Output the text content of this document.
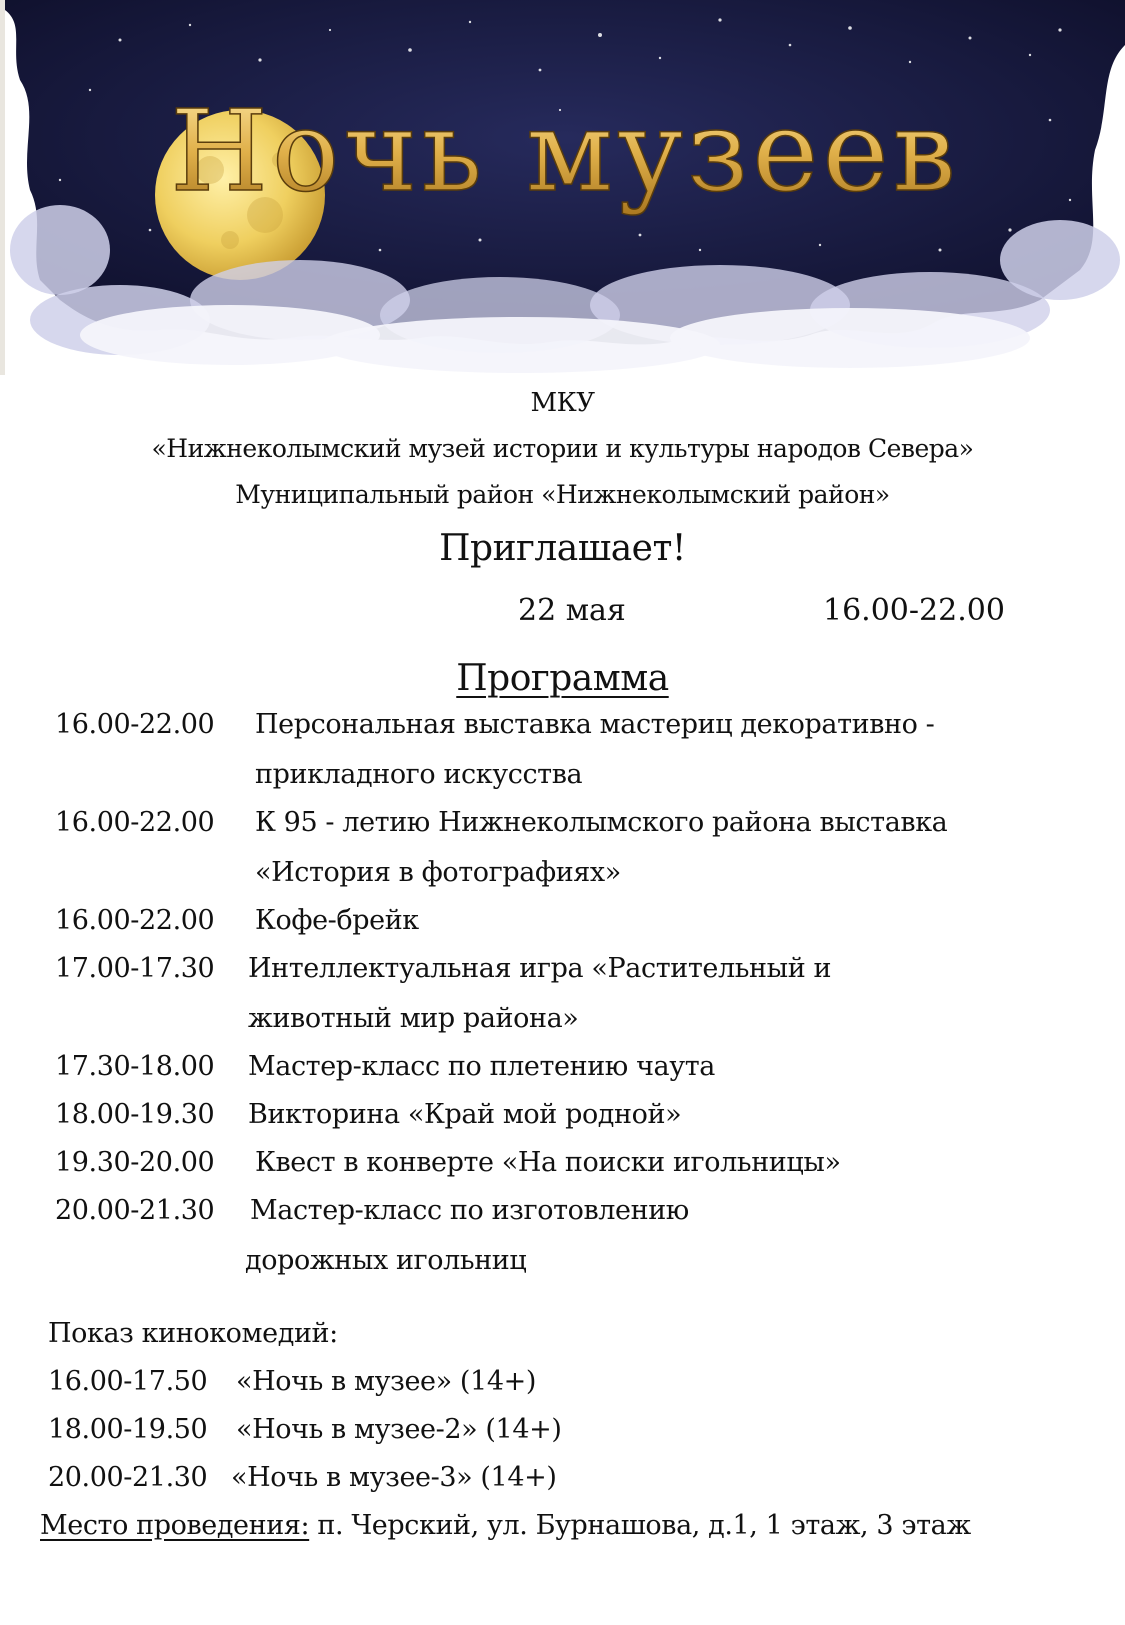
Ночь музеев
МКУ
«Нижнеколымский музей истории и культуры народов Севера»
Муниципальный район «Нижнеколымский район»
Приглашает!
22 мая	16.00-22.00
Программа
16.00-22.00 Персональная выставка мастериц декоративно -
прикладного искусства
16.00-22.00 К 95 - летию Нижнеколымского района выставка
«История в фотографиях»
16.00-22.00 Кофе-брейк
17.00-17.30 Интеллектуальная игра «Растительный и
животный мир района»
17.30-18.00 Мастер-класс по плетению чаута
18.00-19.30 Викторина «Край мой родной»
19.30-20.00 Квест в конверте «На поиски игольницы»
20.00-21.30 Мастер-класс по изготовлению
дорожных игольниц
Показ кинокомедий:
16.00-17.50 «Ночь в музее» (14+)
18.00-19.50 «Ночь в музее-2» (14+)
20.00-21.30 «Ночь в музее-3» (14+)
Место проведения: п. Черский, ул. Бурнашова, д.1, 1 этаж, 3 этаж
